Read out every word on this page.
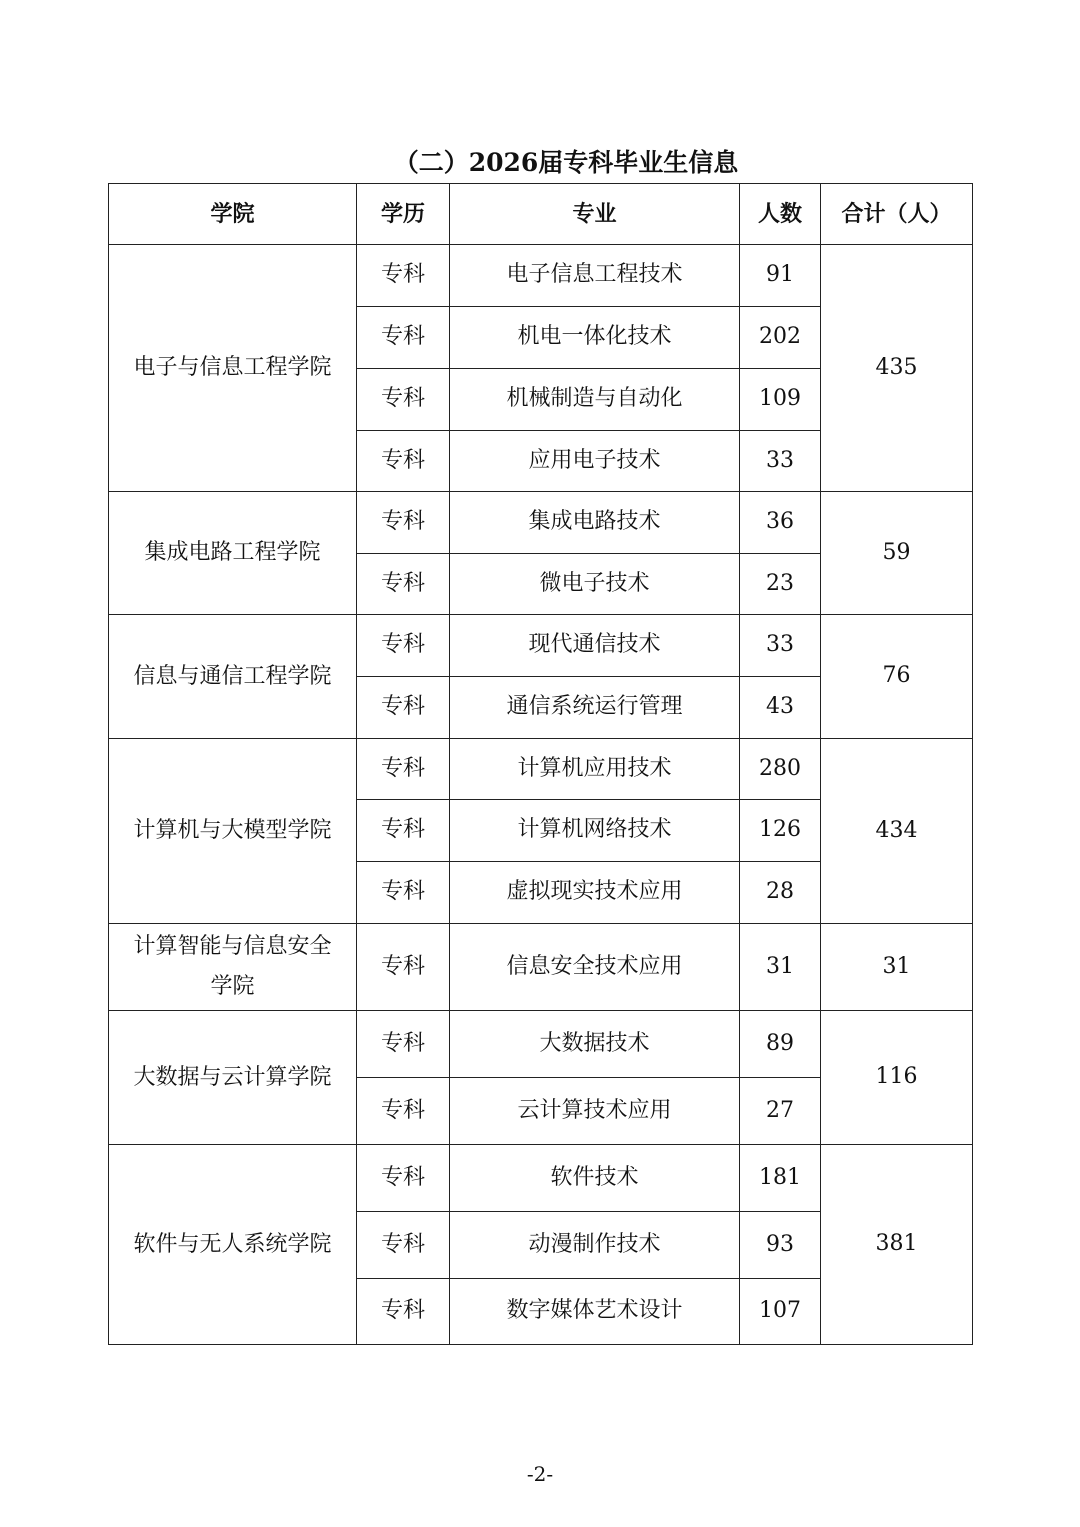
（二）2026届专科毕业生信息
学院	学历	专业	人数	合计（人）
电子与信息工程学院	专科	电子信息工程技术	91	435
	专科	机电一体化技术	202	
	专科	机械制造与自动化	109	
	专科	应用电子技术	33	
集成电路工程学院	专科	集成电路技术	36	59
	专科	微电子技术	23	
信息与通信工程学院	专科	现代通信技术	33	76
	专科	通信系统运行管理	43	
计算机与大模型学院	专科	计算机应用技术	280	434
	专科	计算机网络技术	126	
	专科	虚拟现实技术应用	28	
计算智能与信息安全学院	专科	信息安全技术应用	31	31
大数据与云计算学院	专科	大数据技术	89	116
	专科	云计算技术应用	27	
软件与无人系统学院	专科	软件技术	181	381
	专科	动漫制作技术	93	
	专科	数字媒体艺术设计	107	
-2-
